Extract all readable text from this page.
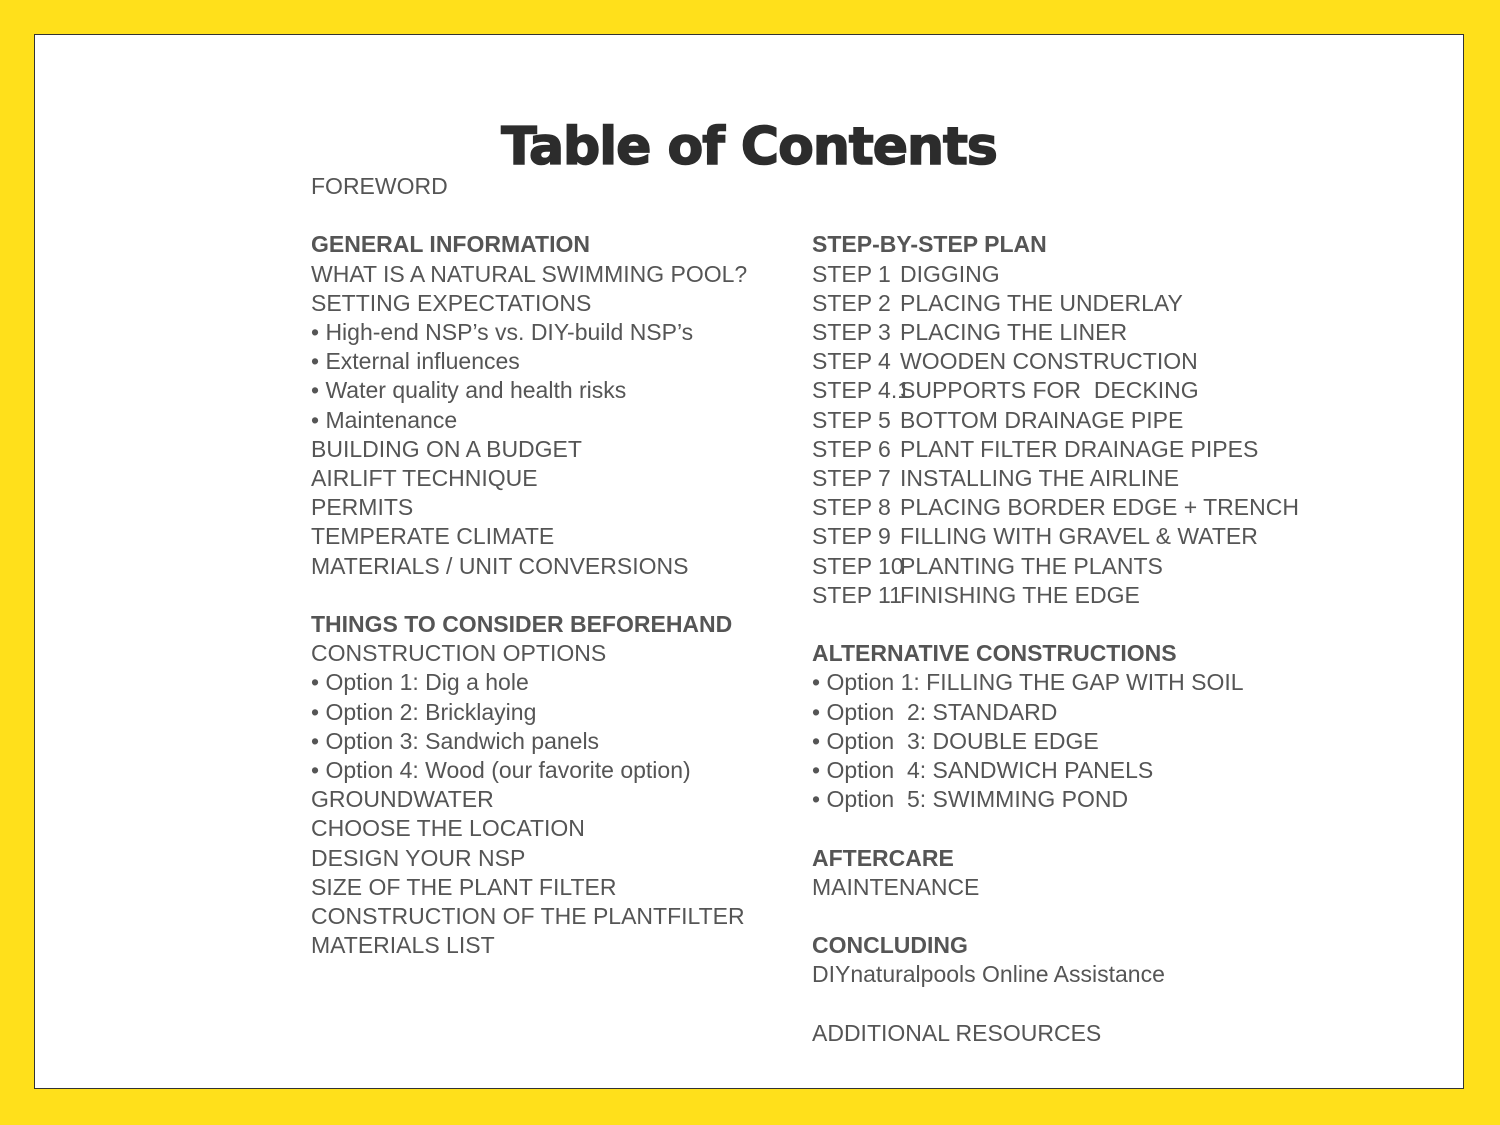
Table of Contents
FOREWORD
GENERAL INFORMATION
WHAT IS A NATURAL SWIMMING POOL?
SETTING EXPECTATIONS
• High-end NSP’s vs. DIY-build NSP’s
• External influences
• Water quality and health risks
• Maintenance
BUILDING ON A BUDGET
AIRLIFT TECHNIQUE
PERMITS
TEMPERATE CLIMATE
MATERIALS / UNIT CONVERSIONS
THINGS TO CONSIDER BEFOREHAND
CONSTRUCTION OPTIONS
• Option 1: Dig a hole
• Option 2: Bricklaying
• Option 3: Sandwich panels
• Option 4: Wood (our favorite option)
GROUNDWATER
CHOOSE THE LOCATION
DESIGN YOUR NSP
SIZE OF THE PLANT FILTER
CONSTRUCTION OF THE PLANTFILTER
MATERIALS LIST
STEP-BY-STEP PLAN
STEP 1 DIGGING
STEP 2 PLACING THE UNDERLAY
STEP 3 PLACING THE LINER
STEP 4 WOODEN CONSTRUCTION
STEP 4.1SUPPORTS FOR  DECKING
STEP 5 BOTTOM DRAINAGE PIPE
STEP 6 PLANT FILTER DRAINAGE PIPES
STEP 7 INSTALLING THE AIRLINE
STEP 8 PLACING BORDER EDGE + TRENCH
STEP 9 FILLING WITH GRAVEL & WATER
STEP 10PLANTING THE PLANTS
STEP 11FINISHING THE EDGE
ALTERNATIVE CONSTRUCTIONS
• Option 1: FILLING THE GAP WITH SOIL
• Option  2: STANDARD
• Option  3: DOUBLE EDGE
• Option  4: SANDWICH PANELS
• Option  5: SWIMMING POND
AFTERCARE
MAINTENANCE
CONCLUDING
DIYnaturalpools Online Assistance
ADDITIONAL RESOURCES
